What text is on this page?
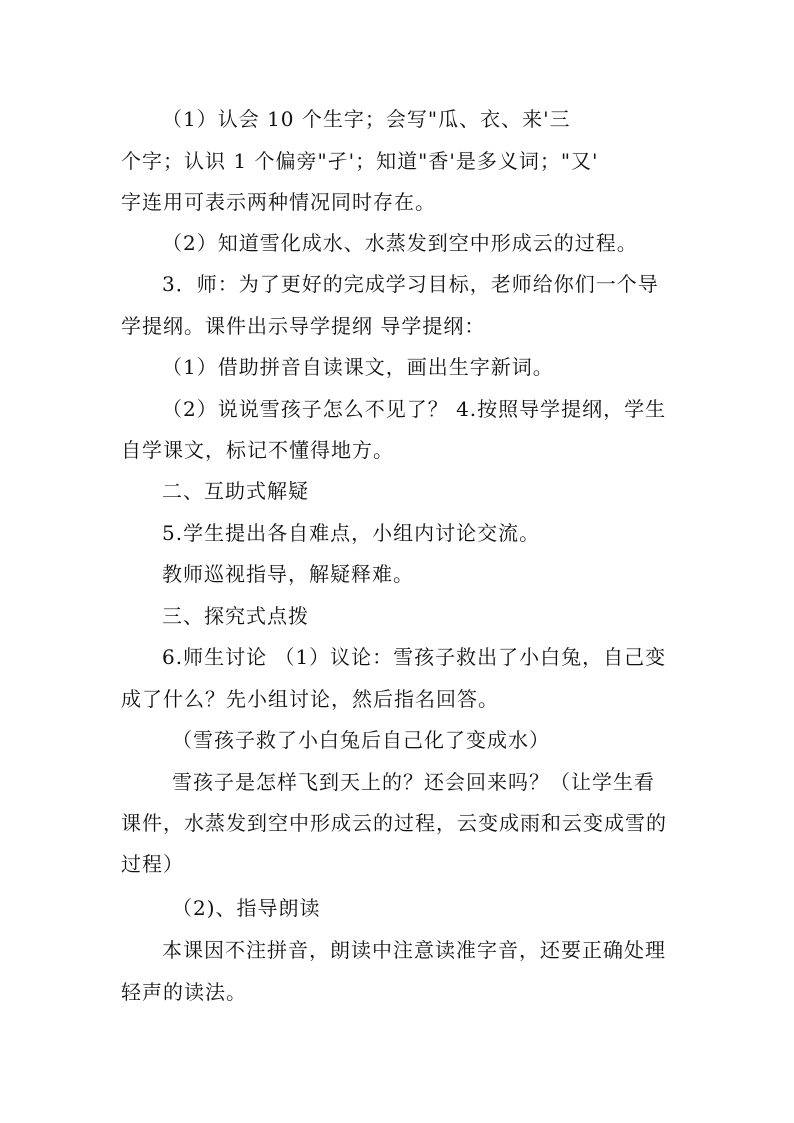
（1）认会 10 个生字；会写"瓜、衣、来'三

个字；认识 1 个偏旁"孑'；知道"香'是多义词；"又'

字连用可表示两种情况同时存在。

（2）知道雪化成水、水蒸发到空中形成云的过程。

3．师：为了更好的完成学习目标，老师给你们一个导

学提纲。课件出示导学提纲 导学提纲：

（1）借助拼音自读课文，画出生字新词。

（2）说说雪孩子怎么不见了？ 4.按照导学提纲，学生

自学课文，标记不懂得地方。

二、互助式解疑

5.学生提出各自难点，小组内讨论交流。

教师巡视指导，解疑释难。

三、探究式点拨

6.师生讨论 （1）议论：雪孩子救出了小白兔，自己变

成了什么？先小组讨论，然后指名回答。

（雪孩子救了小白兔后自己化了变成水）

雪孩子是怎样飞到天上的？还会回来吗？（让学生看

课件，水蒸发到空中形成云的过程，云变成雨和云变成雪的

过程）

（2)、指导朗读

本课因不注拼音，朗读中注意读准字音，还要正确处理

轻声的读法。
